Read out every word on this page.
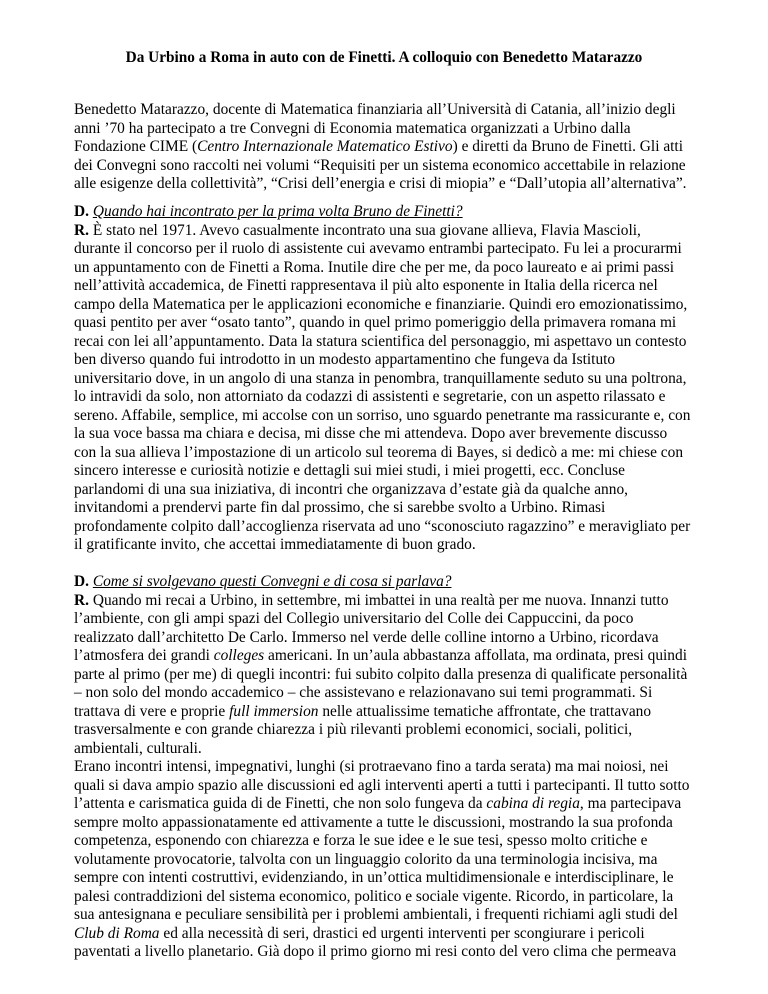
Da Urbino a Roma in auto con de Finetti. A colloquio con Benedetto Matarazzo
Benedetto Matarazzo, docente di Matematica finanziaria all’Università di Catania, all’inizio degli
anni ’70 ha partecipato a tre Convegni di Economia matematica organizzati a Urbino dalla
Fondazione CIME (Centro Internazionale Matematico Estivo) e diretti da Bruno de Finetti. Gli atti
dei Convegni sono raccolti nei volumi “Requisiti per un sistema economico accettabile in relazione
alle esigenze della collettività”, “Crisi dell’energia e crisi di miopia” e “Dall’utopia all’alternativa”.
D. Quando hai incontrato per la prima volta Bruno de Finetti?
R. È stato nel 1971. Avevo casualmente incontrato una sua giovane allieva, Flavia Mascioli,
durante il concorso per il ruolo di assistente cui avevamo entrambi partecipato. Fu lei a procurarmi
un appuntamento con de Finetti a Roma. Inutile dire che per me, da poco laureato e ai primi passi
nell’attività accademica, de Finetti rappresentava il più alto esponente in Italia della ricerca nel
campo della Matematica per le applicazioni economiche e finanziarie. Quindi ero emozionatissimo,
quasi pentito per aver “osato tanto”, quando in quel primo pomeriggio della primavera romana mi
recai con lei all’appuntamento. Data la statura scientifica del personaggio, mi aspettavo un contesto
ben diverso quando fui introdotto in un modesto appartamentino che fungeva da Istituto
universitario dove, in un angolo di una stanza in penombra, tranquillamente seduto su una poltrona,
lo intravidi da solo, non attorniato da codazzi di assistenti e segretarie, con un aspetto rilassato e
sereno. Affabile, semplice, mi accolse con un sorriso, uno sguardo penetrante ma rassicurante e, con
la sua voce bassa ma chiara e decisa, mi disse che mi attendeva. Dopo aver brevemente discusso
con la sua allieva l’impostazione di un articolo sul teorema di Bayes, si dedicò a me: mi chiese con
sincero interesse e curiosità notizie e dettagli sui miei studi, i miei progetti, ecc. Concluse
parlandomi di una sua iniziativa, di incontri che organizzava d’estate già da qualche anno,
invitandomi a prendervi parte fin dal prossimo, che si sarebbe svolto a Urbino. Rimasi
profondamente colpito dall’accoglienza riservata ad uno “sconosciuto ragazzino” e meravigliato per
il gratificante invito, che accettai immediatamente di buon grado.
D. Come si svolgevano questi Convegni e di cosa si parlava?
R. Quando mi recai a Urbino, in settembre, mi imbattei in una realtà per me nuova. Innanzi tutto
l’ambiente, con gli ampi spazi del Collegio universitario del Colle dei Cappuccini, da poco
realizzato dall’architetto De Carlo. Immerso nel verde delle colline intorno a Urbino, ricordava
l’atmosfera dei grandi colleges americani. In un’aula abbastanza affollata, ma ordinata, presi quindi
parte al primo (per me) di quegli incontri: fui subito colpito dalla presenza di qualificate personalità
– non solo del mondo accademico – che assistevano e relazionavano sui temi programmati. Si
trattava di vere e proprie full immersion nelle attualissime tematiche affrontate, che trattavano
trasversalmente e con grande chiarezza i più rilevanti problemi economici, sociali, politici,
ambientali, culturali.
Erano incontri intensi, impegnativi, lunghi (si protraevano fino a tarda serata) ma mai noiosi, nei
quali si dava ampio spazio alle discussioni ed agli interventi aperti a tutti i partecipanti. Il tutto sotto
l’attenta e carismatica guida di de Finetti, che non solo fungeva da cabina di regia, ma partecipava
sempre molto appassionatamente ed attivamente a tutte le discussioni, mostrando la sua profonda
competenza, esponendo con chiarezza e forza le sue idee e le sue tesi, spesso molto critiche e
volutamente provocatorie, talvolta con un linguaggio colorito da una terminologia incisiva, ma
sempre con intenti costruttivi, evidenziando, in un’ottica multidimensionale e interdisciplinare, le
palesi contraddizioni del sistema economico, politico e sociale vigente. Ricordo, in particolare, la
sua antesignana e peculiare sensibilità per i problemi ambientali, i frequenti richiami agli studi del
Club di Roma ed alla necessità di seri, drastici ed urgenti interventi per scongiurare i pericoli
paventati a livello planetario. Già dopo il primo giorno mi resi conto del vero clima che permeava
